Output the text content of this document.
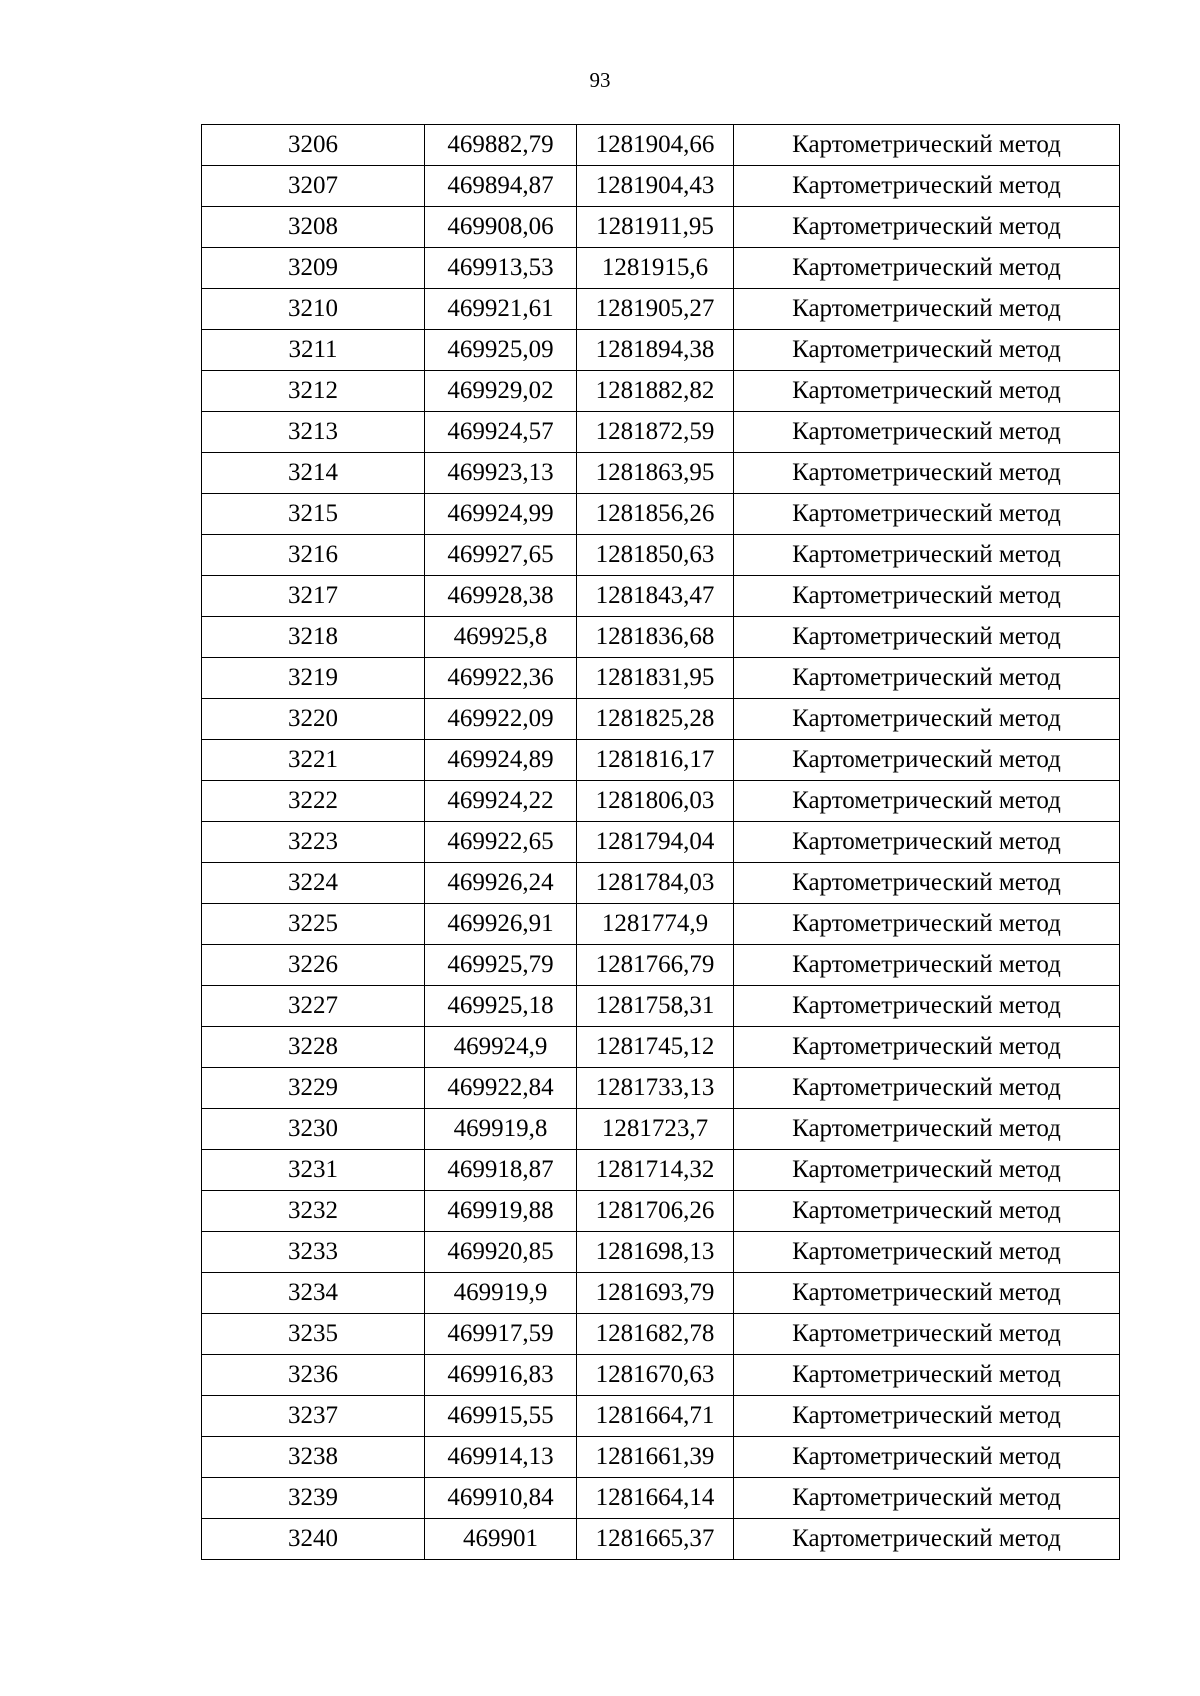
93
3206	469882,79	1281904,66	Картометрический метод
3207	469894,87	1281904,43	Картометрический метод
3208	469908,06	1281911,95	Картометрический метод
3209	469913,53	1281915,6	Картометрический метод
3210	469921,61	1281905,27	Картометрический метод
3211	469925,09	1281894,38	Картометрический метод
3212	469929,02	1281882,82	Картометрический метод
3213	469924,57	1281872,59	Картометрический метод
3214	469923,13	1281863,95	Картометрический метод
3215	469924,99	1281856,26	Картометрический метод
3216	469927,65	1281850,63	Картометрический метод
3217	469928,38	1281843,47	Картометрический метод
3218	469925,8	1281836,68	Картометрический метод
3219	469922,36	1281831,95	Картометрический метод
3220	469922,09	1281825,28	Картометрический метод
3221	469924,89	1281816,17	Картометрический метод
3222	469924,22	1281806,03	Картометрический метод
3223	469922,65	1281794,04	Картометрический метод
3224	469926,24	1281784,03	Картометрический метод
3225	469926,91	1281774,9	Картометрический метод
3226	469925,79	1281766,79	Картометрический метод
3227	469925,18	1281758,31	Картометрический метод
3228	469924,9	1281745,12	Картометрический метод
3229	469922,84	1281733,13	Картометрический метод
3230	469919,8	1281723,7	Картометрический метод
3231	469918,87	1281714,32	Картометрический метод
3232	469919,88	1281706,26	Картометрический метод
3233	469920,85	1281698,13	Картометрический метод
3234	469919,9	1281693,79	Картометрический метод
3235	469917,59	1281682,78	Картометрический метод
3236	469916,83	1281670,63	Картометрический метод
3237	469915,55	1281664,71	Картометрический метод
3238	469914,13	1281661,39	Картометрический метод
3239	469910,84	1281664,14	Картометрический метод
3240	469901	1281665,37	Картометрический метод
